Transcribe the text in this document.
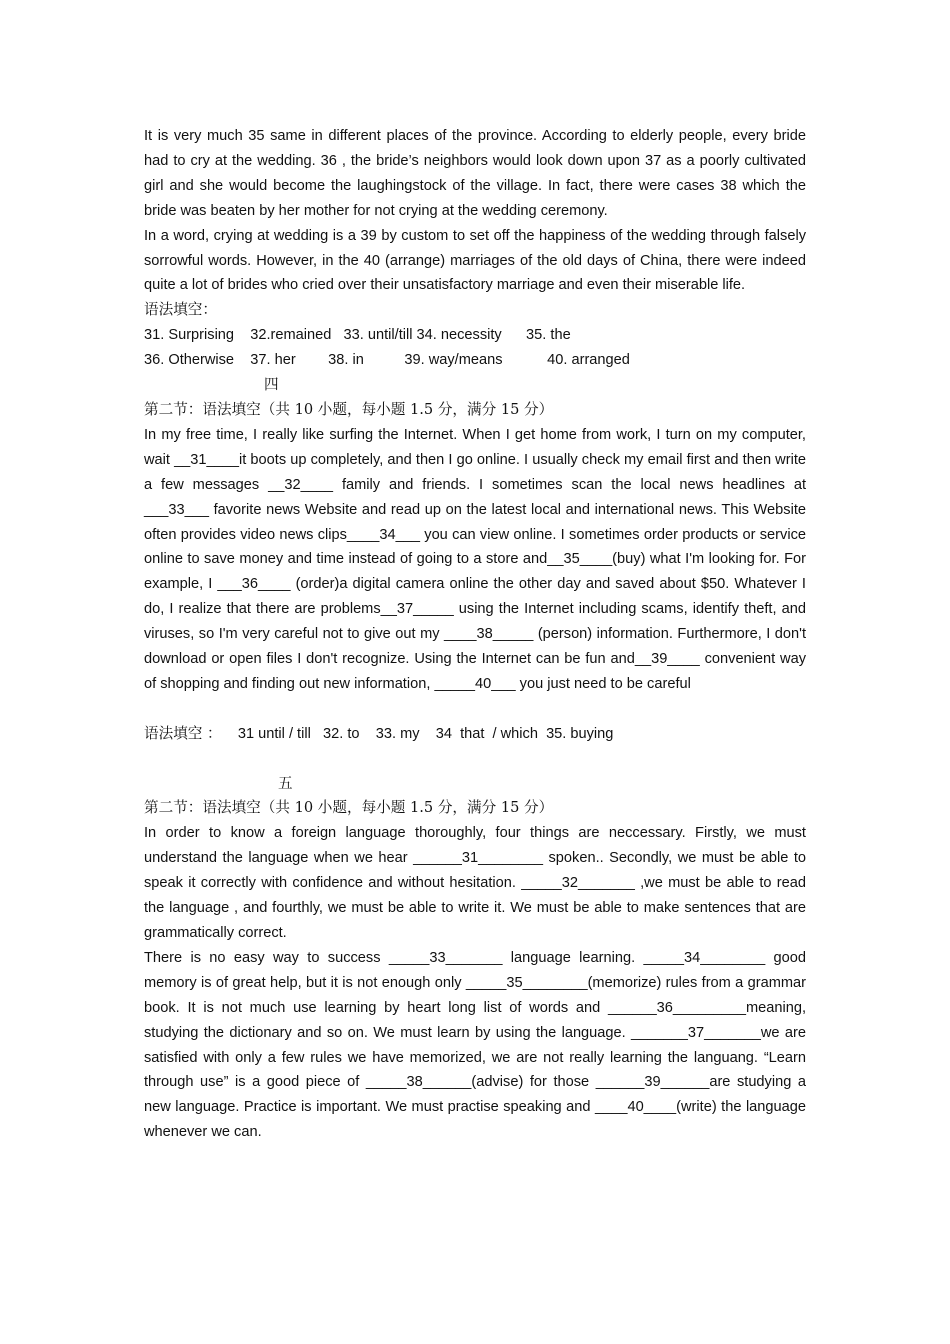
It is very much 35 same in different places of the province. According to elderly people, every bride had to cry at the wedding. 36 , the bride’s neighbors would look down upon 37 as a poorly cultivated girl and she would become the laughingstock of the village. In fact, there were cases 38 which the bride was beaten by her mother for not crying at the wedding ceremony.

In a word, crying at wedding is a 39 by custom to set off the happiness of the wedding through falsely sorrowful words. However, in the 40 (arrange) marriages of the old days of China, there were indeed quite a lot of brides who cried over their unsatisfactory marriage and even their miserable life.

语法填空：

31. Surprising    32.remained   33. until/till 34. necessity      35. the

36. Otherwise    37. her        38. in          39. way/means           40. arranged

四

第二节：语法填空（共 10 小题，每小题 1.5 分，满分 15 分）

In my free time, I really like surfing the Internet. When I get home from work, I turn on my computer, wait __31____it boots up completely, and then I go online. I usually check my email first and then write a few messages __32____ family and friends. I sometimes scan the local news headlines at ___33___ favorite news Website and read up on the latest local and international news. This Website often provides video news clips____34___ you can view online. I sometimes order products or service online to save money and time instead of going to a store and__35____(buy) what I'm looking for. For example, I ___36____ (order)a digital camera online the other day and saved about $50. Whatever I do, I realize that there are problems__37_____ using the Internet including scams, identify theft, and viruses, so I'm very careful not to give out my ____38_____ (person) information. Furthermore, I don't download or open files I don't recognize. Using the Internet can be fun and__39____ convenient way of shopping and finding out new information, _____40___ you just need to be careful

语法填空 ： 31 until / till   32. to    33. my    34  that  / which  35. buying

五

第二节：语法填空（共 10 小题，每小题 1.5 分，满分 15 分）

In order to know a foreign language thoroughly, four things are neccessary. Firstly, we must understand the language when we hear ______31________ spoken.. Secondly, we must be able to speak it correctly with confidence and without hesitation. _____32_______ ,we must be able to read the language , and fourthly, we must be able to write it. We must be able to make sentences that are grammatically correct.

There is no easy way to success _____33_______ language learning. _____34________ good memory is of great help, but it is not enough only _____35________(memorize) rules from a grammar book. It is not much use learning by heart long list of words and ______36_________meaning, studying the dictionary and so on. We must learn by using the language. _______37_______we are satisfied with only a few rules we have memorized, we are not really learning the languang. “Learn through use” is a good piece of _____38______(advise) for those ______39______are studying a new language. Practice is important. We must practise speaking and ____40____(write) the language whenever we can.
